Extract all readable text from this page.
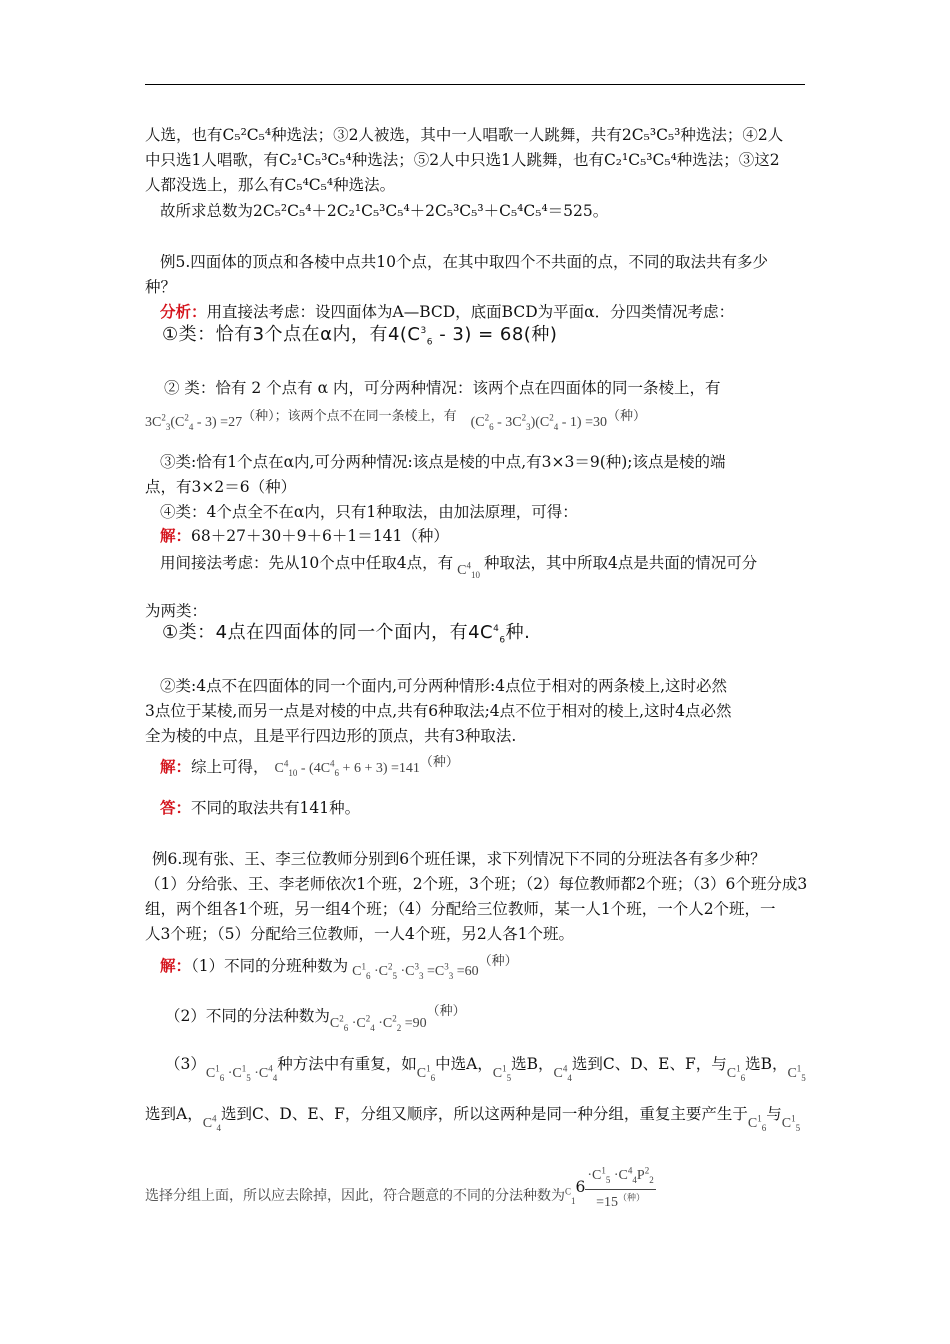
人选，也有C₅²C₅⁴种选法；③2人被选，其中一人唱歌一人跳舞，共有2C₅³C₅³种选法；④2人
中只选1人唱歌，有C₂¹C₅³C₅⁴种选法；⑤2人中只选1人跳舞，也有C₂¹C₅³C₅⁴种选法；③这2
人都没选上，那么有C₅⁴C₅⁴种选法。
故所求总数为2C₅²C₅⁴＋2C₂¹C₅³C₅⁴＋2C₅³C₅³＋C₅⁴C₅⁴＝525。
例5.四面体的顶点和各棱中点共10个点，在其中取四个不共面的点，不同的取法共有多少
种？
分析：用直接法考虑：设四面体为A—BCD，底面BCD为平面α．分四类情况考虑：
①类：恰有3个点在α内，有$4(C^3_6 - 3) = 68$(种)
② 类：恰有 2 个点有 α 内，可分两种情况：该两个点在四面体的同一条棱上，有
$3C^2_3(C^2_4 - 3) =27^{(种);该两个点不在同一条棱上,有}$ $(C^2_6 - 3C^2_3)(C^2_4 - 1) =30^{(种)}$
③类:恰有1个点在α内,可分两种情况:该点是棱的中点,有3×3＝9(种);该点是棱的端
点，有3×2＝6（种）
④类：4个点全不在α内，只有1种取法，由加法原理，可得：
解：68＋27＋30＋9＋6＋1＝141（种）
用间接法考虑：先从10个点中任取4点，有 $C^4_{10}$种取法，其中所取4点是共面的情况可分
为两类：
①类：4点在四面体的同一个面内，有$4C^4_6$种.
②类:4点不在四面体的同一个面内,可分两种情形:4点位于相对的两条棱上,这时必然
3点位于某棱,而另一点是对棱的中点,共有6种取法;4点不位于相对的棱上,这时4点必然
全为棱的中点，且是平行四边形的顶点，共有3种取法.
解：综上可得， $C^4_{10} - (4C^4_6 + 6 + 3) =141^{(种)}$
答：不同的取法共有141种。
例6.现有张、王、李三位教师分别到6个班任课，求下列情况下不同的分班法各有多少种？
（1）分给张、王、李老师依次1个班，2个班，3个班；（2）每位教师都2个班；（3）6个班分成3
组，两个组各1个班，另一组4个班；（4）分配给三位教师，某一人1个班，一个人2个班，一
人3个班；（5）分配给三位教师，一人4个班，另2人各1个班。
解：（1）不同的分班种数为 $C^1_6 \cdot C^2_5 \cdot C^3_3 =C^3_3 =60^{(种)}$
（2）不同的分法种数为$C^2_6 \cdot C^2_4 \cdot C^2_2 =90^{(种)}$
$(3)C^1_6 \cdot C^1_5 \cdot C^4_4$种方法中有重复，如$C^1_6$中选A，$C^1_5$选B，$C^4_4$选到C、D、E、F，与$C^1_6$选B，$C^1_5$
选到A，$C^4_4$选到C、D、E、F，分组又顺序，所以这两种是同一种分组，重复主要产生于$C^1_6$与$C^1_5$
选择分组上面，所以应去除掉，因此，符合题意的不同的分法种数为$^C_16 \frac{\cdot C^1_5 \cdot C^4_4P^2_2}{=15^{(种)}}$
